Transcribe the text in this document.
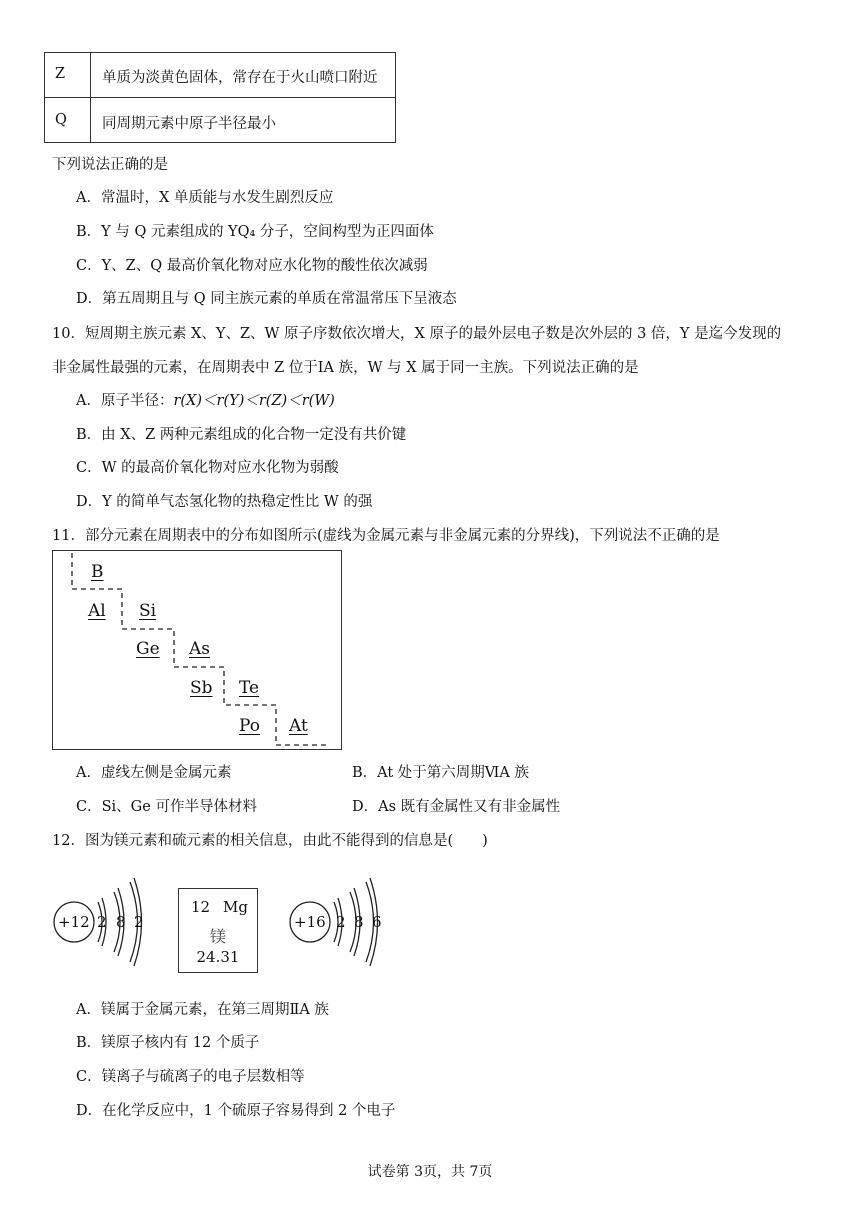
Z	单质为淡黄色固体，常存在于火山喷口附近
Q 同周期元素中原子半径最小
下列说法正确的是
A．常温时，X 单质能与水发生剧烈反应
B．Y 与 Q 元素组成的 YQ₄ 分子，空间构型为正四面体
C．Y、Z、Q 最高价氧化物对应水化物的酸性依次减弱
D．第五周期且与 Q 同主族元素的单质在常温常压下呈液态
10．短周期主族元素 X、Y、Z、W 原子序数依次增大，X 原子的最外层电子数是次外层的 3 倍，Y 是迄今发现的
非金属性最强的元素，在周期表中 Z 位于ⅠA 族，W 与 X 属于同一主族。下列说法正确的是
A．原子半径：r(X)＜r(Y)＜r(Z)＜r(W)
B．由 X、Z 两种元素组成的化合物一定没有共价键
C．W 的最高价氧化物对应水化物为弱酸
D．Y 的简单气态氢化物的热稳定性比 W 的强
11．部分元素在周期表中的分布如图所示(虚线为金属元素与非金属元素的分界线)，下列说法不正确的是
B
Al Si
Ge As
Sb Te
Po At
A．虚线左侧是金属元素	B．At 处于第六周期ⅥA 族
C．Si、Ge 可作半导体材料	D．As 既有金属性又有非金属性
12．图为镁元素和硫元素的相关信息，由此不能得到的信息是(　　)
+12 2 8 2
12 Mg
镁
24.31
+16 2 8 6
A．镁属于金属元素，在第三周期ⅡA 族
B．镁原子核内有 12 个质子
C．镁离子与硫离子的电子层数相等
D．在化学反应中，1 个硫原子容易得到 2 个电子
试卷第 3页，共 7页
